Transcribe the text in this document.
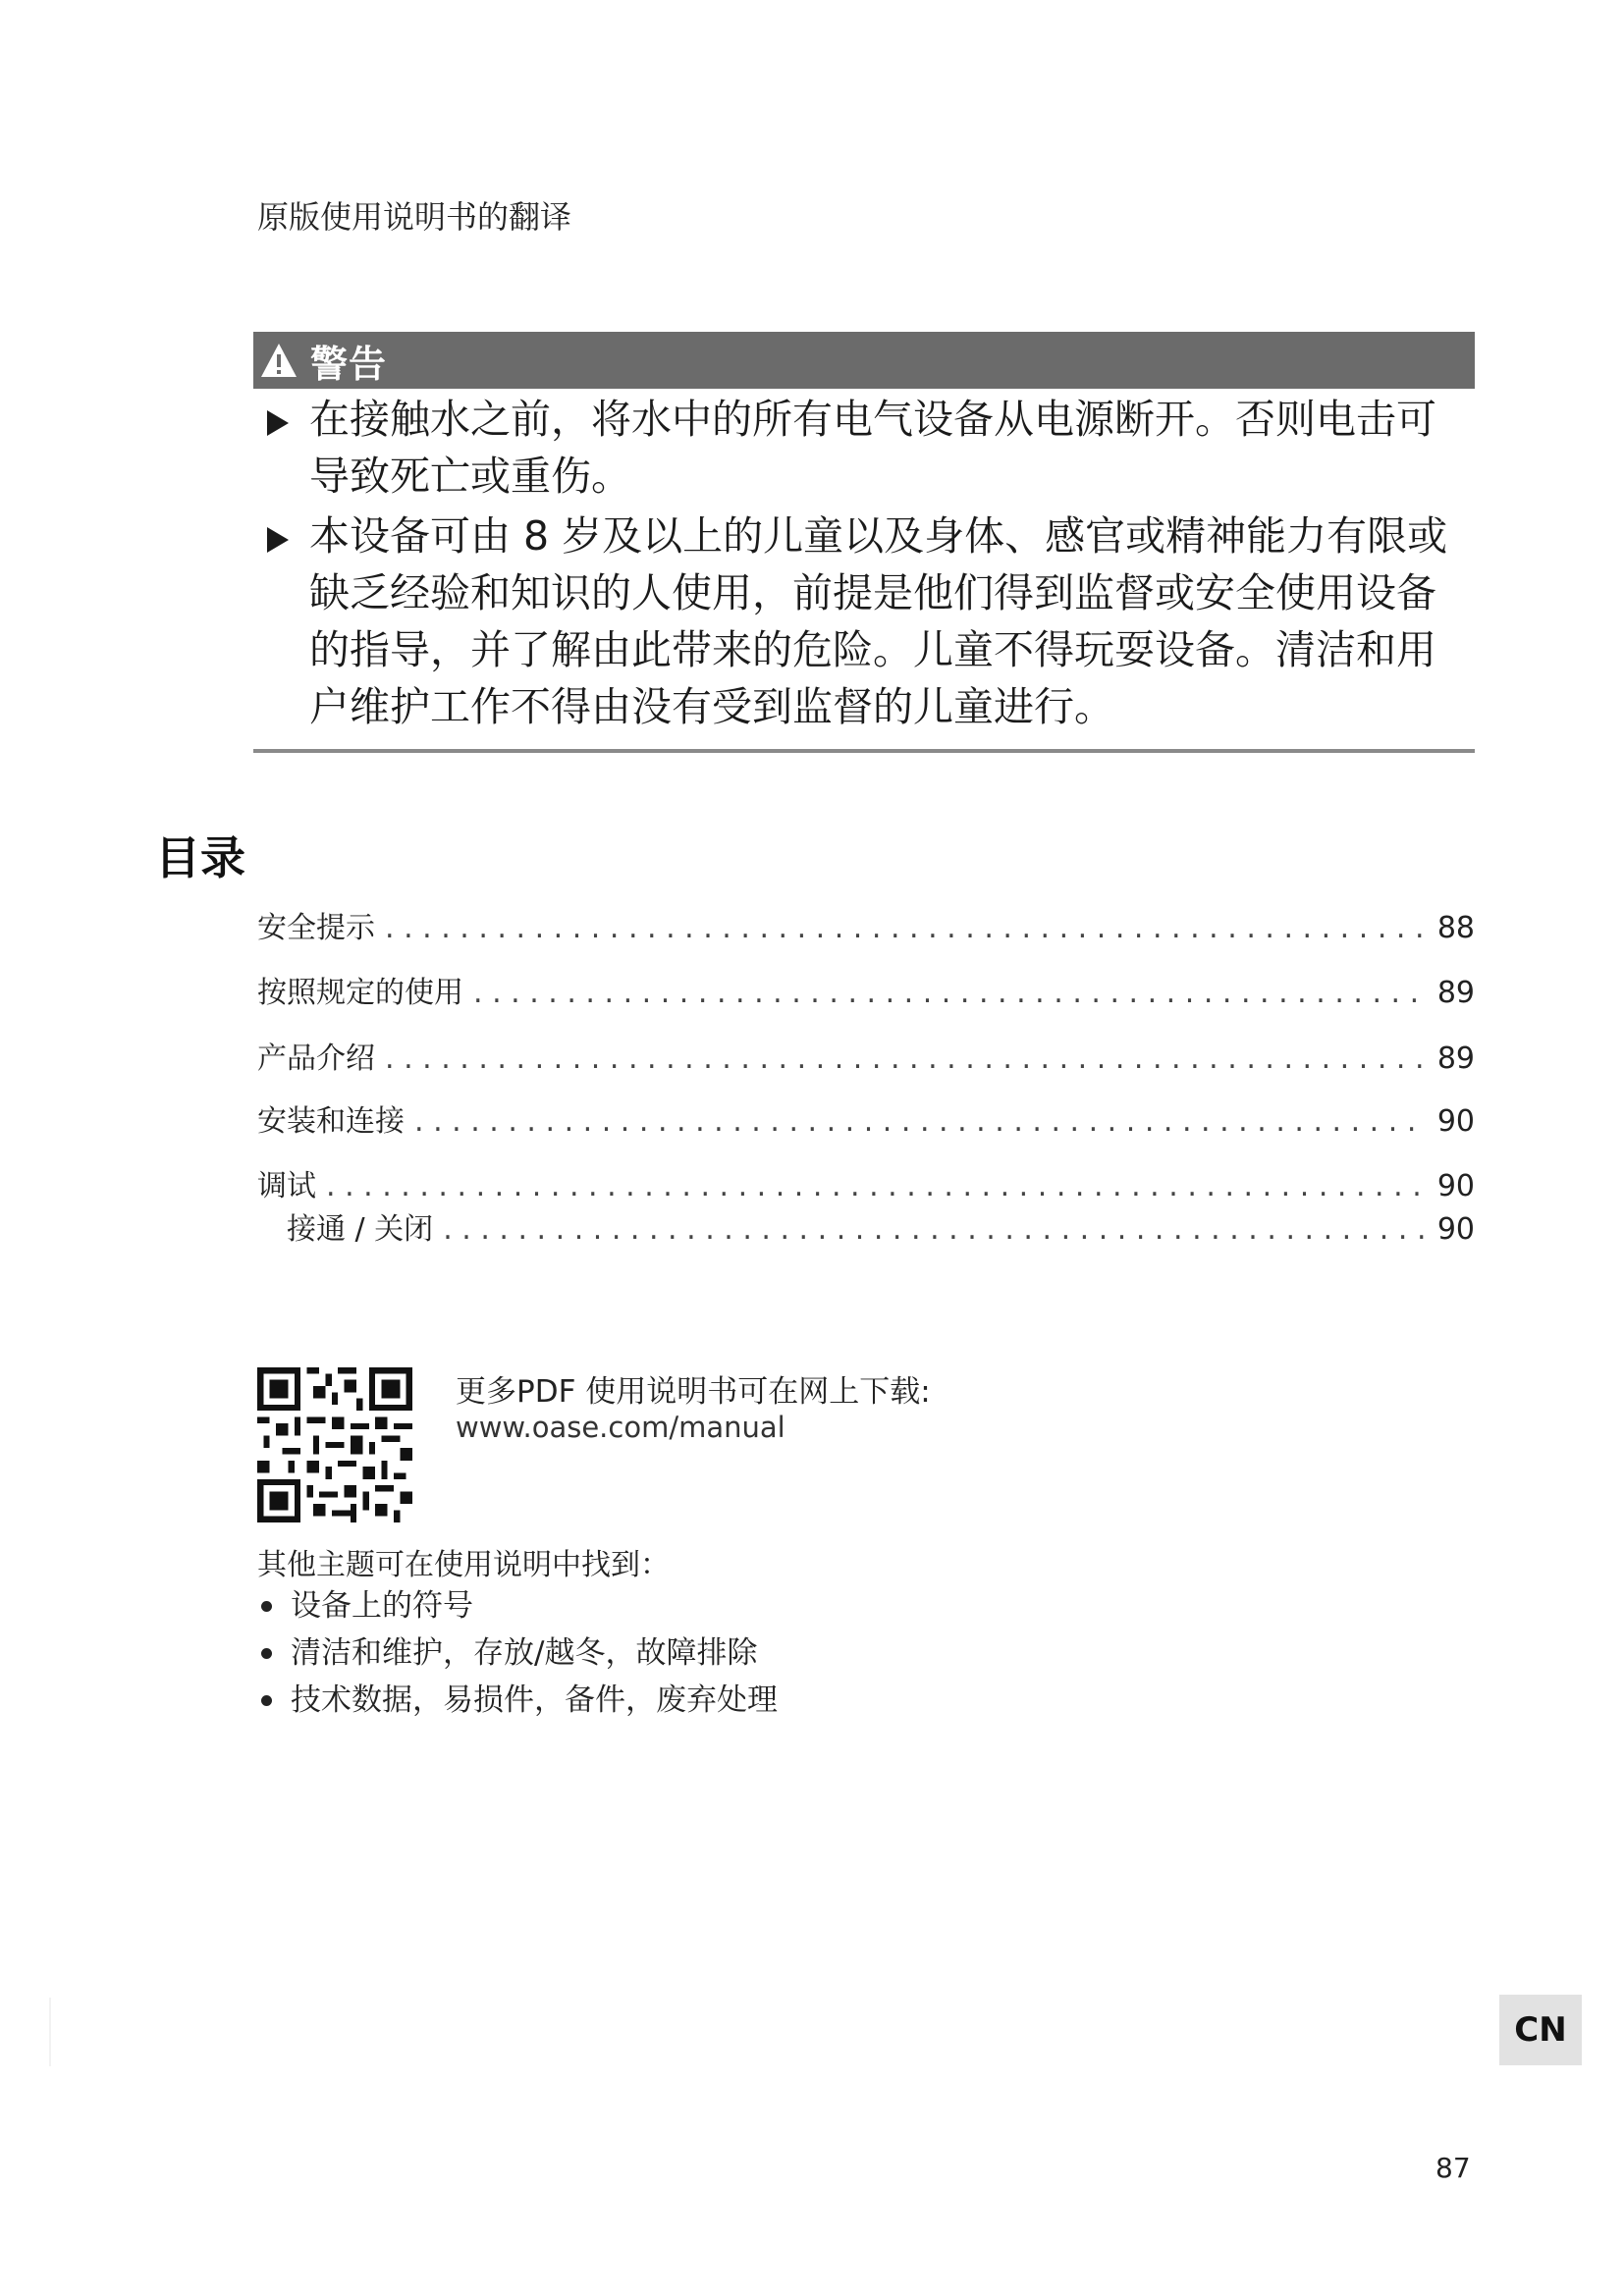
原版使用说明书的翻译
警告
在接触水之前，将水中的所有电气设备从电源断开。否则电击可导致死亡或重伤。
本设备可由 8 岁及以上的儿童以及身体、感官或精神能力有限或缺乏经验和知识的人使用，前提是他们得到监督或安全使用设备的指导，并了解由此带来的危险。儿童不得玩耍设备。清洁和用户维护工作不得由没有受到监督的儿童进行。
目录
安全提示 . . .	88
按照规定的使用 . . .	89
产品介绍 . . .	89
安装和连接 . . .	90
调试 . . .	90
接通 / 关闭 . . .	90
更多PDF 使用说明书可在网上下载:
www.oase.com/manual
其他主题可在使用说明中找到：
设备上的符号
清洁和维护，存放/越冬，故障排除
技术数据，易损件，备件，废弃处理
CN
87
